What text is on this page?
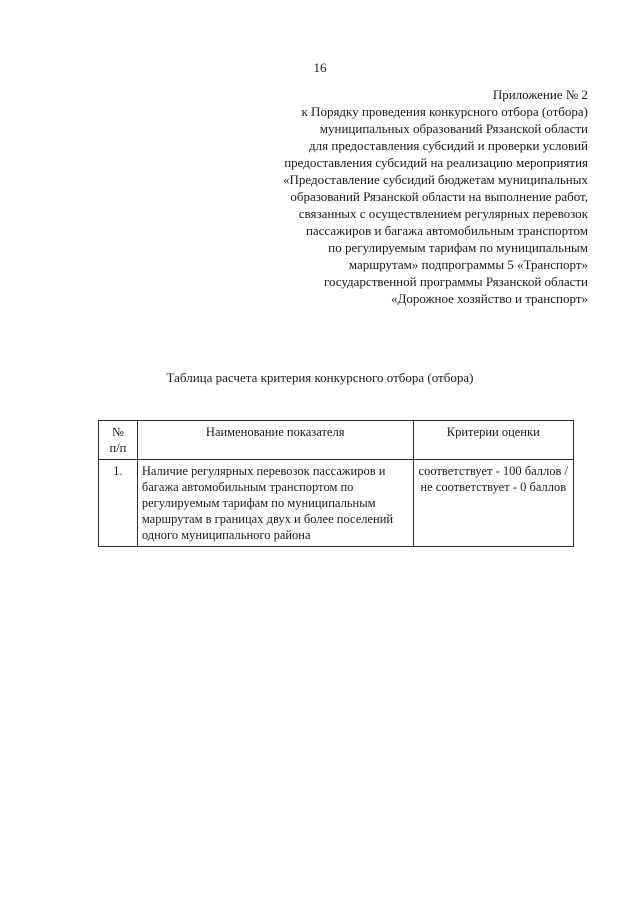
16
Приложение № 2
к Порядку проведения конкурсного отбора (отбора)
муниципальных образований Рязанской области
для предоставления субсидий и проверки условий
предоставления субсидий на реализацию мероприятия
«Предоставление субсидий бюджетам муниципальных
образований Рязанской области на выполнение работ,
связанных с осуществлением регулярных перевозок
пассажиров и багажа автомобильным транспортом
по регулируемым тарифам по муниципальным
маршрутам» подпрограммы 5 «Транспорт»
государственной программы Рязанской области
«Дорожное хозяйство и транспорт»
Таблица расчета критерия конкурсного отбора (отбора)
№
п/п	Наименование показателя	Критерии оценки
1.	Наличие регулярных перевозок пассажиров и багажа автомобильным транспортом по регулируемым тарифам по муниципальным маршрутам в границах двух и более поселений одного муниципального района	соответствует - 100 баллов /не соответствует - 0 баллов
